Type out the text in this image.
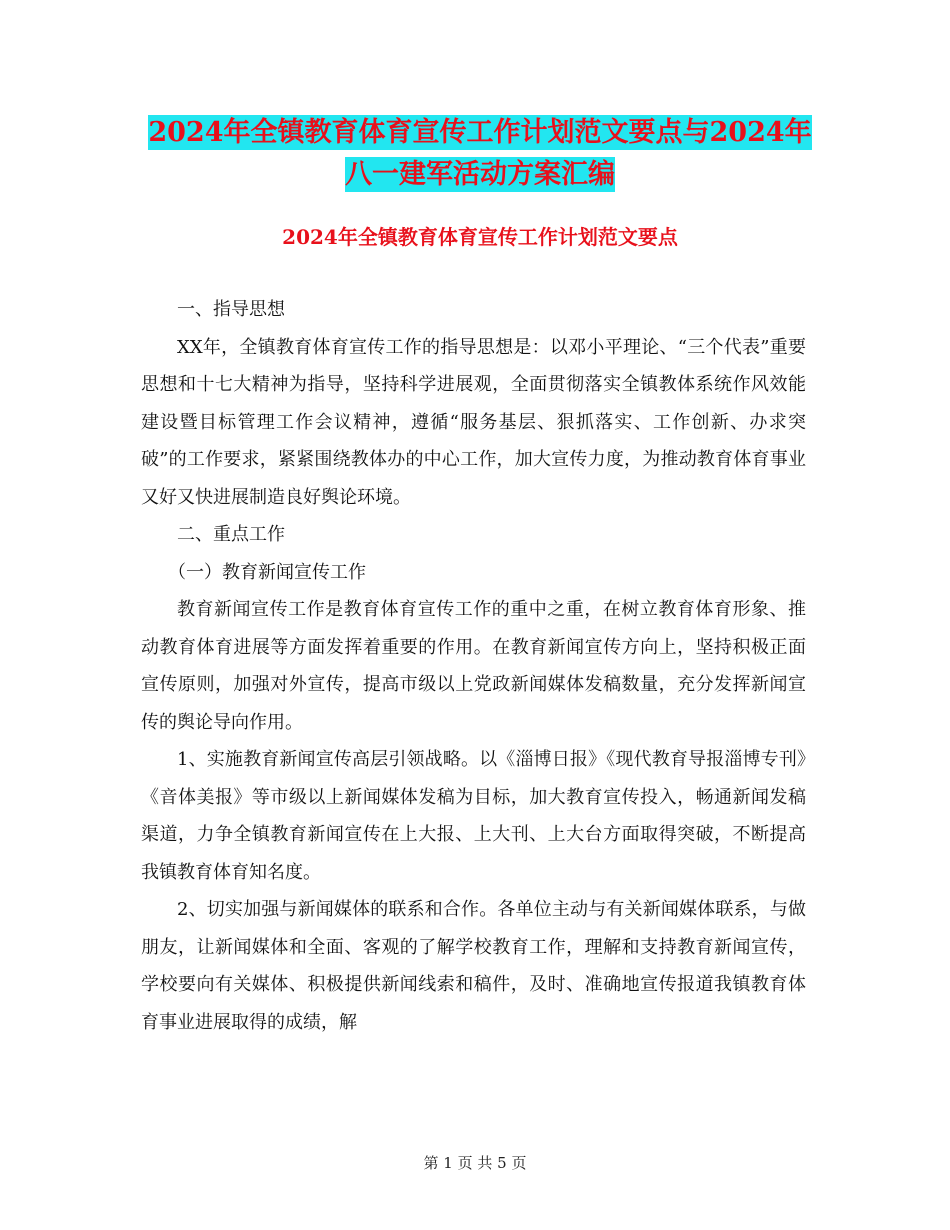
2024年全镇教育体育宣传工作计划范文要点与2024年
八一建军活动方案汇编
2024年全镇教育体育宣传工作计划范文要点

一、指导思想

XX年，全镇教育体育宣传工作的指导思想是：以邓小平理论、“三个代表”重要思想和十七大精神为指导，坚持科学进展观，全面贯彻落实全镇教体系统作风效能建设暨目标管理工作会议精神，遵循“服务基层、狠抓落实、工作创新、办求突破”的工作要求，紧紧围绕教体办的中心工作，加大宣传力度，为推动教育体育事业又好又快进展制造良好舆论环境。

二、重点工作

（一）教育新闻宣传工作

教育新闻宣传工作是教育体育宣传工作的重中之重，在树立教育体育形象、推动教育体育进展等方面发挥着重要的作用。在教育新闻宣传方向上，坚持积极正面宣传原则，加强对外宣传，提高市级以上党政新闻媒体发稿数量，充分发挥新闻宣传的舆论导向作用。

1、实施教育新闻宣传高层引领战略。以《淄博日报》《现代教育导报淄博专刊》《音体美报》等市级以上新闻媒体发稿为目标，加大教育宣传投入，畅通新闻发稿渠道，力争全镇教育新闻宣传在上大报、上大刊、上大台方面取得突破，不断提高我镇教育体育知名度。

2、切实加强与新闻媒体的联系和合作。各单位主动与有关新闻媒体联系，与做朋友，让新闻媒体和全面、客观的了解学校教育工作，理解和支持教育新闻宣传，学校要向有关媒体、积极提供新闻线索和稿件，及时、准确地宣传报道我镇教育体育事业进展取得的成绩，解

第 1 页 共 5 页
